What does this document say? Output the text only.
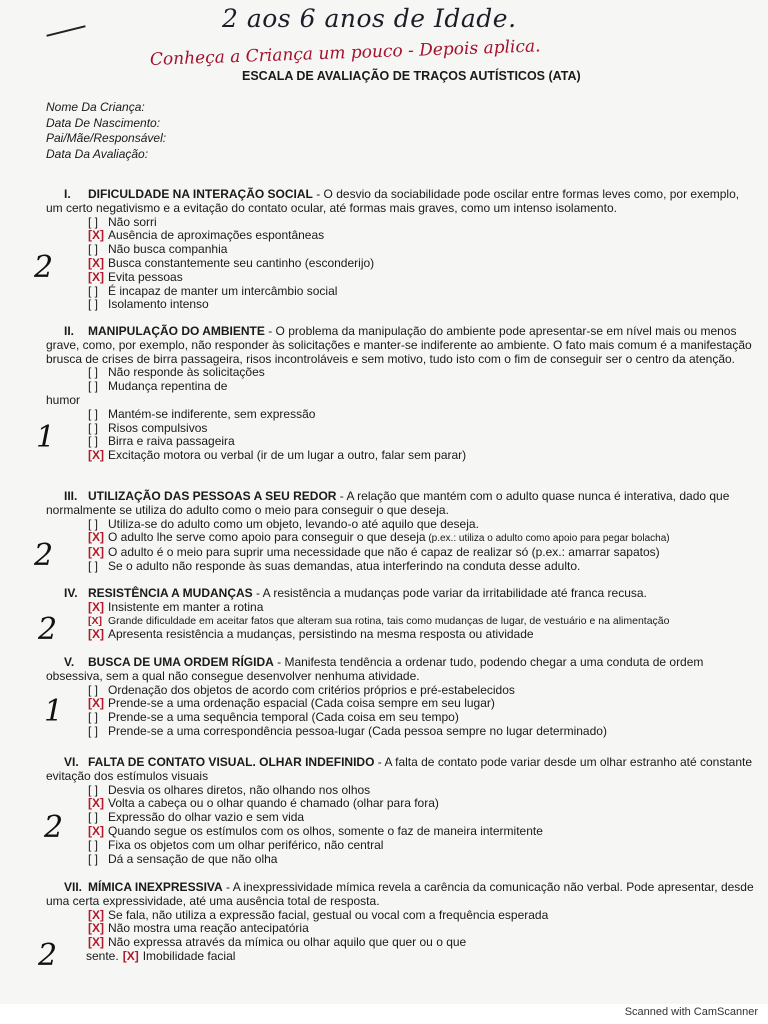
2 aos 6 anos de Idade.
Conheça a Criança um pouco - Depois aplica.
ESCALA DE AVALIAÇÃO DE TRAÇOS AUTÍSTICOS (ATA)
Nome Da Criança:
Data De Nascimento:
Pai/Mãe/Responsável:
Data Da Avaliação:
I. DIFICULDADE NA INTERAÇÃO SOCIAL - O desvio da sociabilidade pode oscilar entre formas leves como, por exemplo, um certo negativismo e a evitação do contato ocular, até formas mais graves, como um intenso isolamento.
[ ] Não sorri
[X] Ausência de aproximações espontâneas
[ ] Não busca companhia
[X] Busca constantemente seu cantinho (esconderijo)
[X] Evita pessoas
[ ] É incapaz de manter um intercâmbio social
[ ] Isolamento intenso
2
II. MANIPULAÇÃO DO AMBIENTE - O problema da manipulação do ambiente pode apresentar-se em nível mais ou menos grave, como, por exemplo, não responder às solicitações e manter-se indiferente ao ambiente. O fato mais comum é a manifestação brusca de crises de birra passageira, risos incontroláveis e sem motivo, tudo isto com o fim de conseguir ser o centro da atenção.
[ ] Não responde às solicitações
[ ] Mudança repentina de
humor
[ ] Mantém-se indiferente, sem expressão
[ ] Risos compulsivos
[ ] Birra e raiva passageira
[X] Excitação motora ou verbal (ir de um lugar a outro, falar sem parar)
1
III. UTILIZAÇÃO DAS PESSOAS A SEU REDOR - A relação que mantém com o adulto quase nunca é interativa, dado que normalmente se utiliza do adulto como o meio para conseguir o que deseja.
[ ] Utiliza-se do adulto como um objeto, levando-o até aquilo que deseja.
[X] O adulto lhe serve como apoio para conseguir o que deseja (p.ex.: utiliza o adulto como apoio para pegar bolacha)
[X] O adulto é o meio para suprir uma necessidade que não é capaz de realizar só (p.ex.: amarrar sapatos)
[ ] Se o adulto não responde às suas demandas, atua interferindo na conduta desse adulto.
2
IV. RESISTÊNCIA A MUDANÇAS - A resistência a mudanças pode variar da irritabilidade até franca recusa.
[X] Insistente em manter a rotina
[X] Grande dificuldade em aceitar fatos que alteram sua rotina, tais como mudanças de lugar, de vestuário e na alimentação
[X] Apresenta resistência a mudanças, persistindo na mesma resposta ou atividade
2
V. BUSCA DE UMA ORDEM RÍGIDA - Manifesta tendência a ordenar tudo, podendo chegar a uma conduta de ordem obsessiva, sem a qual não consegue desenvolver nenhuma atividade.
[ ] Ordenação dos objetos de acordo com critérios próprios e pré-estabelecidos
[X] Prende-se a uma ordenação espacial (Cada coisa sempre em seu lugar)
[ ] Prende-se a uma sequência temporal (Cada coisa em seu tempo)
[ ] Prende-se a uma correspondência pessoa-lugar (Cada pessoa sempre no lugar determinado)
1
VI. FALTA DE CONTATO VISUAL. OLHAR INDEFINIDO - A falta de contato pode variar desde um olhar estranho até constante evitação dos estímulos visuais
[ ] Desvia os olhares diretos, não olhando nos olhos
[X] Volta a cabeça ou o olhar quando é chamado (olhar para fora)
[ ] Expressão do olhar vazio e sem vida
[X] Quando segue os estímulos com os olhos, somente o faz de maneira intermitente
[ ] Fixa os objetos com um olhar periférico, não central
[ ] Dá a sensação de que não olha
2
VII. MÍMICA INEXPRESSIVA - A inexpressividade mímica revela a carência da comunicação não verbal. Pode apresentar, desde uma certa expressividade, até uma ausência total de resposta.
[X] Se fala, não utiliza a expressão facial, gestual ou vocal com a frequência esperada
[X] Não mostra uma reação antecipatória
[X] Não expressa através da mímica ou olhar aquilo que quer ou o que
sente. [X] Imobilidade facial
2
Scanned with CamScanner
